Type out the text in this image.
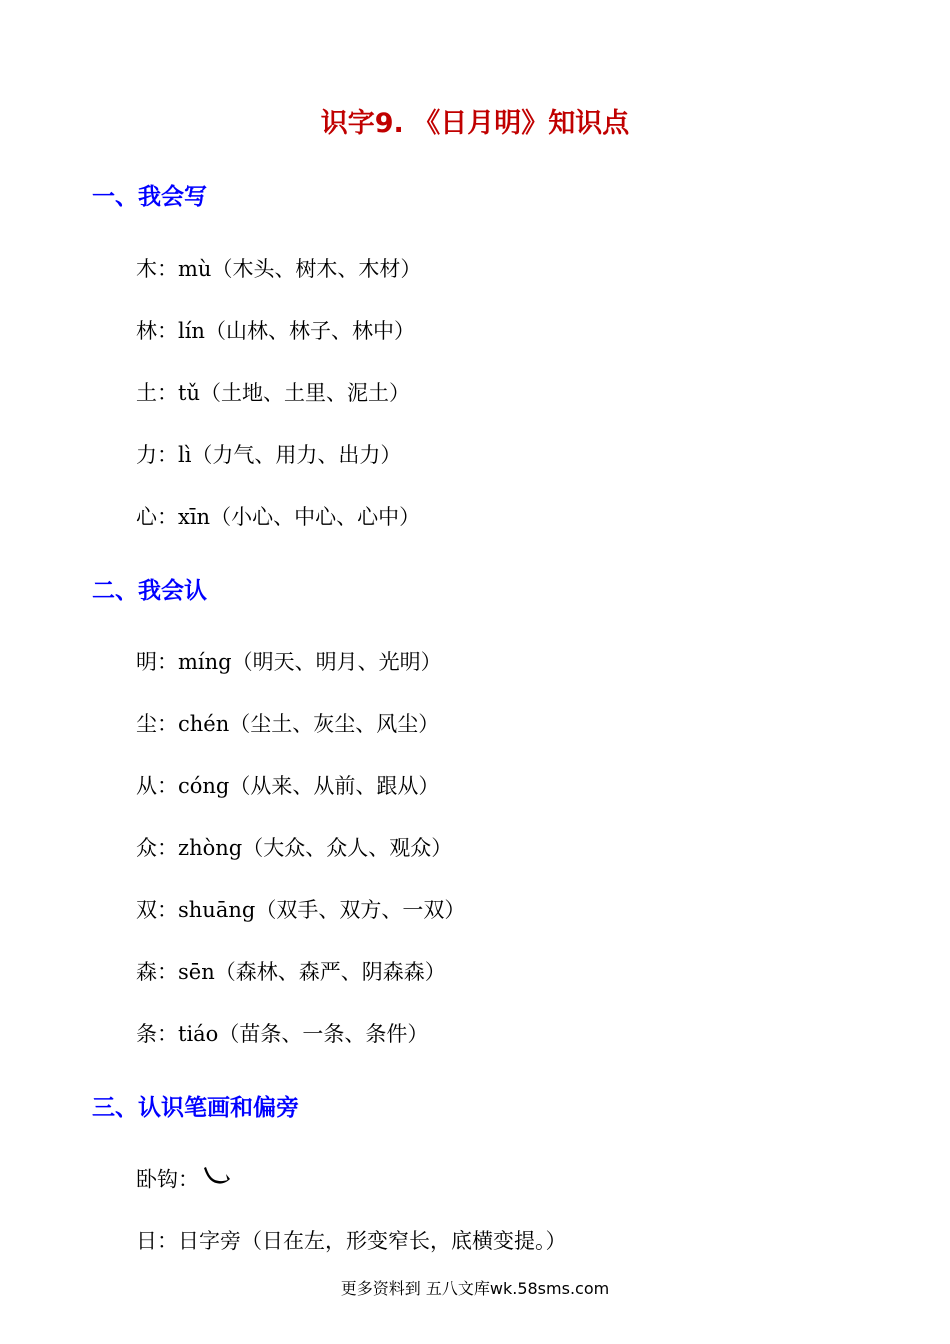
识字9. 《日月明》知识点
一、我会写
木：mù（木头、树木、木材）
林：lín（山林、林子、林中）
土：tǔ（土地、土里、泥土）
力：lì（力气、用力、出力）
心：xīn（小心、中心、心中）
二、我会认
明：míng（明天、明月、光明）
尘：chén（尘土、灰尘、风尘）
从：cóng（从来、从前、跟从）
众：zhòng（大众、众人、观众）
双：shuāng（双手、双方、一双）
森：sēn（森林、森严、阴森森）
条：tiáo（苗条、一条、条件）
三、认识笔画和偏旁
卧钩：
日：日字旁（日在左，形变窄长，底横变提。）
更多资料到 五八文库wk.58sms.com
